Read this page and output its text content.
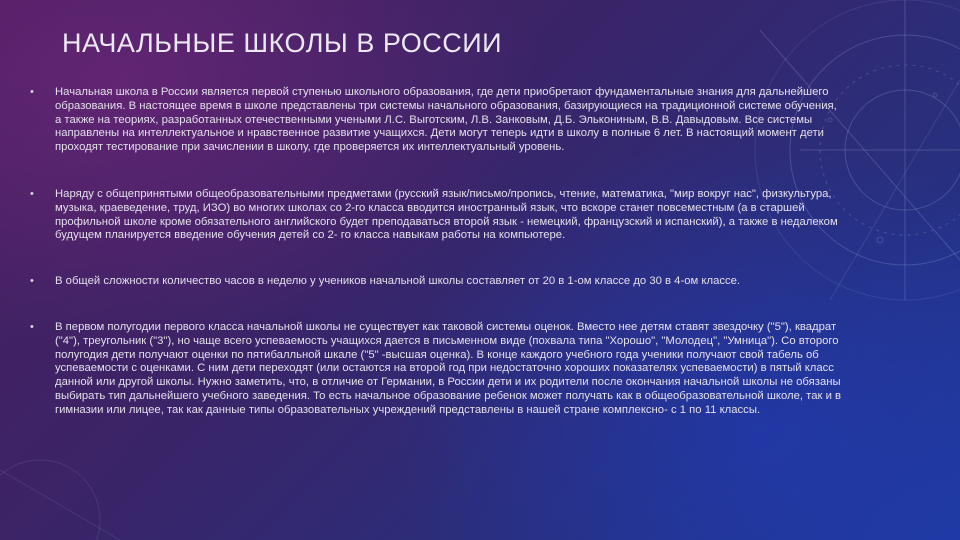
НАЧАЛЬНЫЕ ШКОЛЫ В РОССИИ
• Начальная школа в России является первой ступенью школьного образования, где дети приобретают фундаментальные знания для дальнейшего образования. В настоящее время в школе представлены три системы начального образования, базирующиеся на традиционной системе обучения, а также на теориях, разработанных отечественными учеными Л.С. Выготским, Л.В. Занковым, Д.Б. Элькониным, В.В. Давыдовым. Все системы направлены на интеллектуальное и нравственное развитие учащихся. Дети могут теперь идти в школу в полные 6 лет. В настоящий момент дети проходят тестирование при зачислении в школу, где проверяется их интеллектуальный уровень.
• Наряду с общепринятыми общеобразовательными предметами (русский язык/письмо/пропись, чтение, математика, "мир вокруг нас", физкультура, музыка, краеведение, труд, ИЗО) во многих школах со 2-го класса вводится иностранный язык, что вскоре станет повсеместным (а в старшей профильной школе кроме обязательного английского будет преподаваться второй язык - немецкий, французский и испанский), а также в недалеком будущем планируется введение обучения детей со 2- го класса навыкам работы на компьютере.
• В общей сложности количество часов в неделю у учеников начальной школы составляет от 20 в 1-ом классе до 30 в 4-ом классе.
• В первом полугодии первого класса начальной школы не существует как таковой системы оценок. Вместо нее детям ставят звездочку ("5"), квадрат ("4"), треугольник ("3"), но чаще всего успеваемость учащихся дается в письменном виде (похвала типа "Хорошо", "Молодец", "Умница"). Со второго полугодия дети получают оценки по пятибалльной шкале ("5" -высшая оценка). В конце каждого учебного года ученики получают свой табель об успеваемости с оценками. С ним дети переходят (или остаются на второй год при недостаточно хороших показателях успеваемости) в пятый класс данной или другой школы. Нужно заметить, что, в отличие от Германии, в России дети и их родители после окончания начальной школы не обязаны выбирать тип дальнейшего учебного заведения. То есть начальное образование ребенок может получать как в общеобразовательной школе, так и в гимназии или лицее, так как данные типы образовательных учреждений представлены в нашей стране комплексно- с 1 по 11 классы.
